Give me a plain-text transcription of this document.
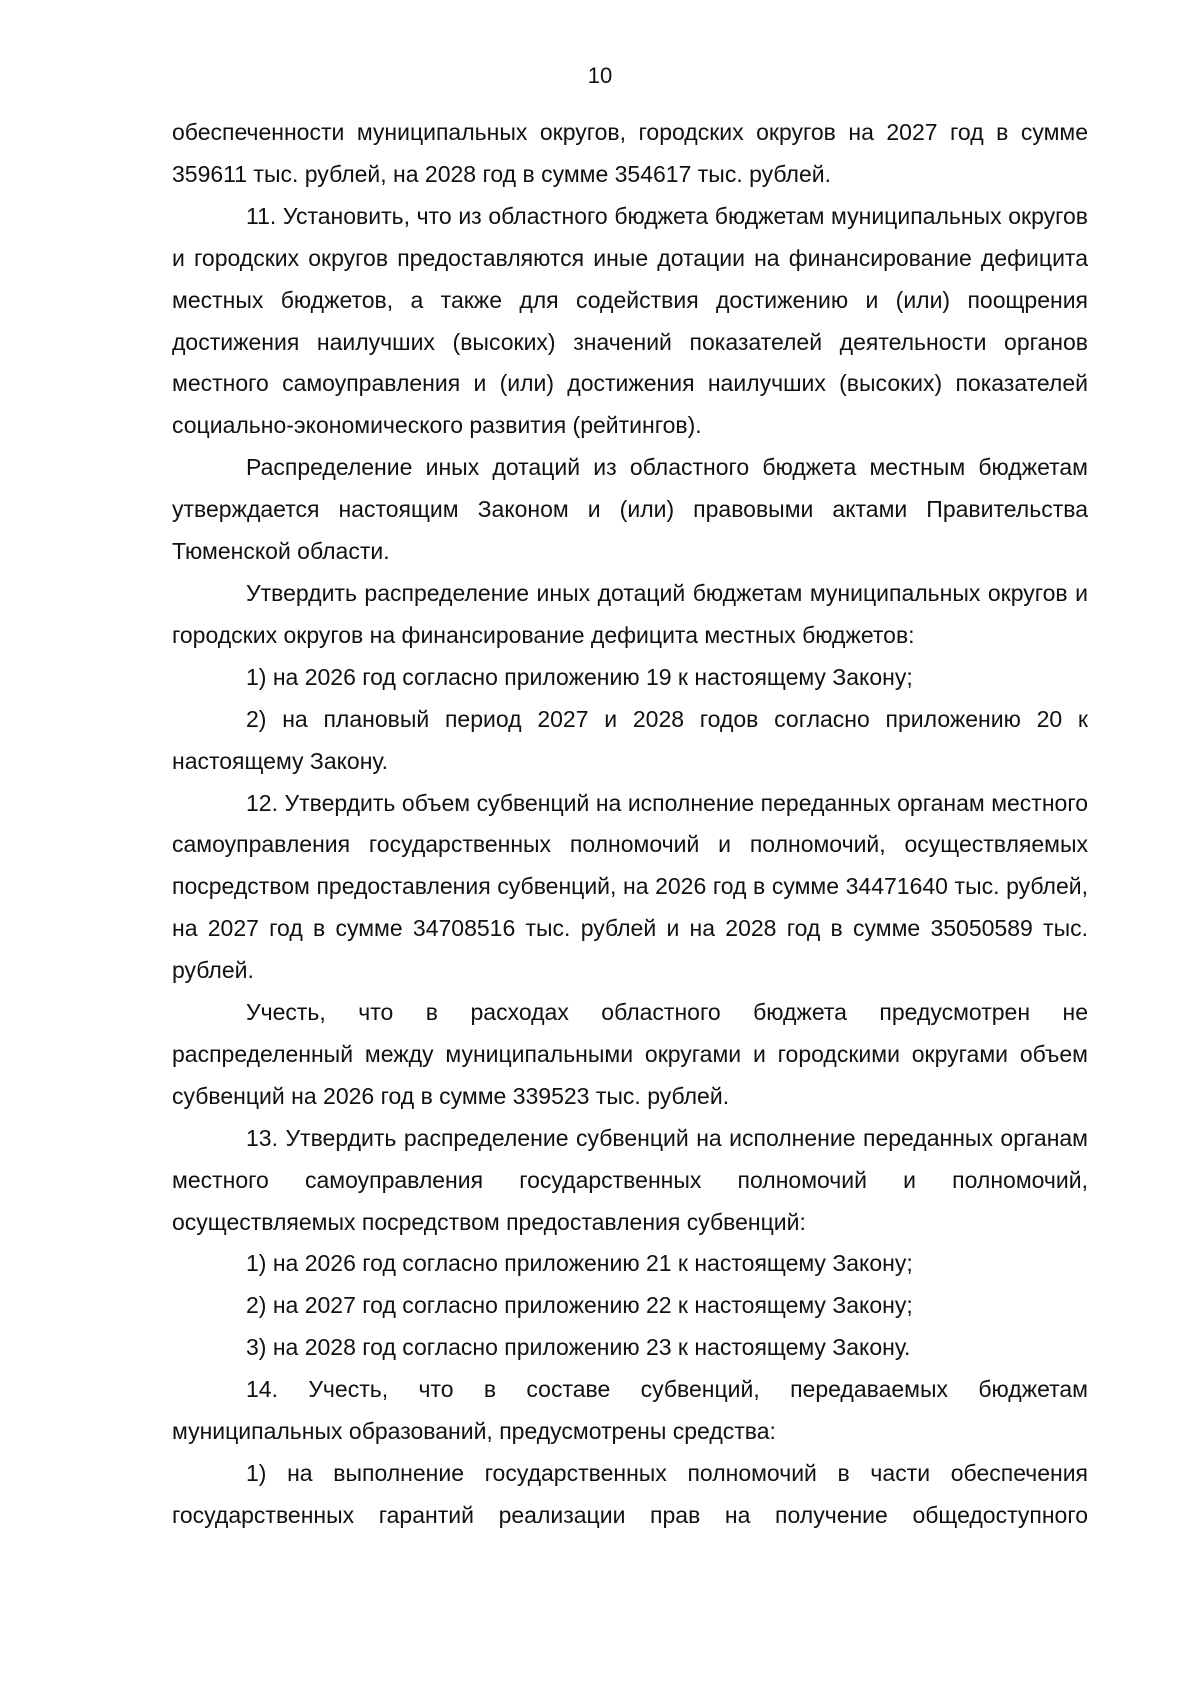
10

обеспеченности муниципальных округов, городских округов на 2027 год в сумме 359611 тыс. рублей, на 2028 год в сумме 354617 тыс. рублей.

11. Установить, что из областного бюджета бюджетам муниципальных округов и городских округов предоставляются иные дотации на финансирование дефицита местных бюджетов, а также для содействия достижению и (или) поощрения достижения наилучших (высоких) значений показателей деятельности органов местного самоуправления и (или) достижения наилучших (высоких) показателей социально-экономического развития (рейтингов).

Распределение иных дотаций из областного бюджета местным бюджетам утверждается настоящим Законом и (или) правовыми актами Правительства Тюменской области.

Утвердить распределение иных дотаций бюджетам муниципальных округов и городских округов на финансирование дефицита местных бюджетов:

1) на 2026 год согласно приложению 19 к настоящему Закону;

2) на плановый период 2027 и 2028 годов согласно приложению 20 к настоящему Закону.

12. Утвердить объем субвенций на исполнение переданных органам местного самоуправления государственных полномочий и полномочий, осуществляемых посредством предоставления субвенций, на 2026 год в сумме 34471640 тыс. рублей, на 2027 год в сумме 34708516 тыс. рублей и на 2028 год в сумме 35050589 тыс. рублей.

Учесть, что в расходах областного бюджета предусмотрен не распределенный между муниципальными округами и городскими округами объем субвенций на 2026 год в сумме 339523 тыс. рублей.

13. Утвердить распределение субвенций на исполнение переданных органам местного самоуправления государственных полномочий и полномочий, осуществляемых посредством предоставления субвенций:

1) на 2026 год согласно приложению 21 к настоящему Закону;

2) на 2027 год согласно приложению 22 к настоящему Закону;

3) на 2028 год согласно приложению 23 к настоящему Закону.

14. Учесть, что в составе субвенций, передаваемых бюджетам муниципальных образований, предусмотрены средства:

1) на выполнение государственных полномочий в части обеспечения государственных гарантий реализации прав на получение общедоступного
